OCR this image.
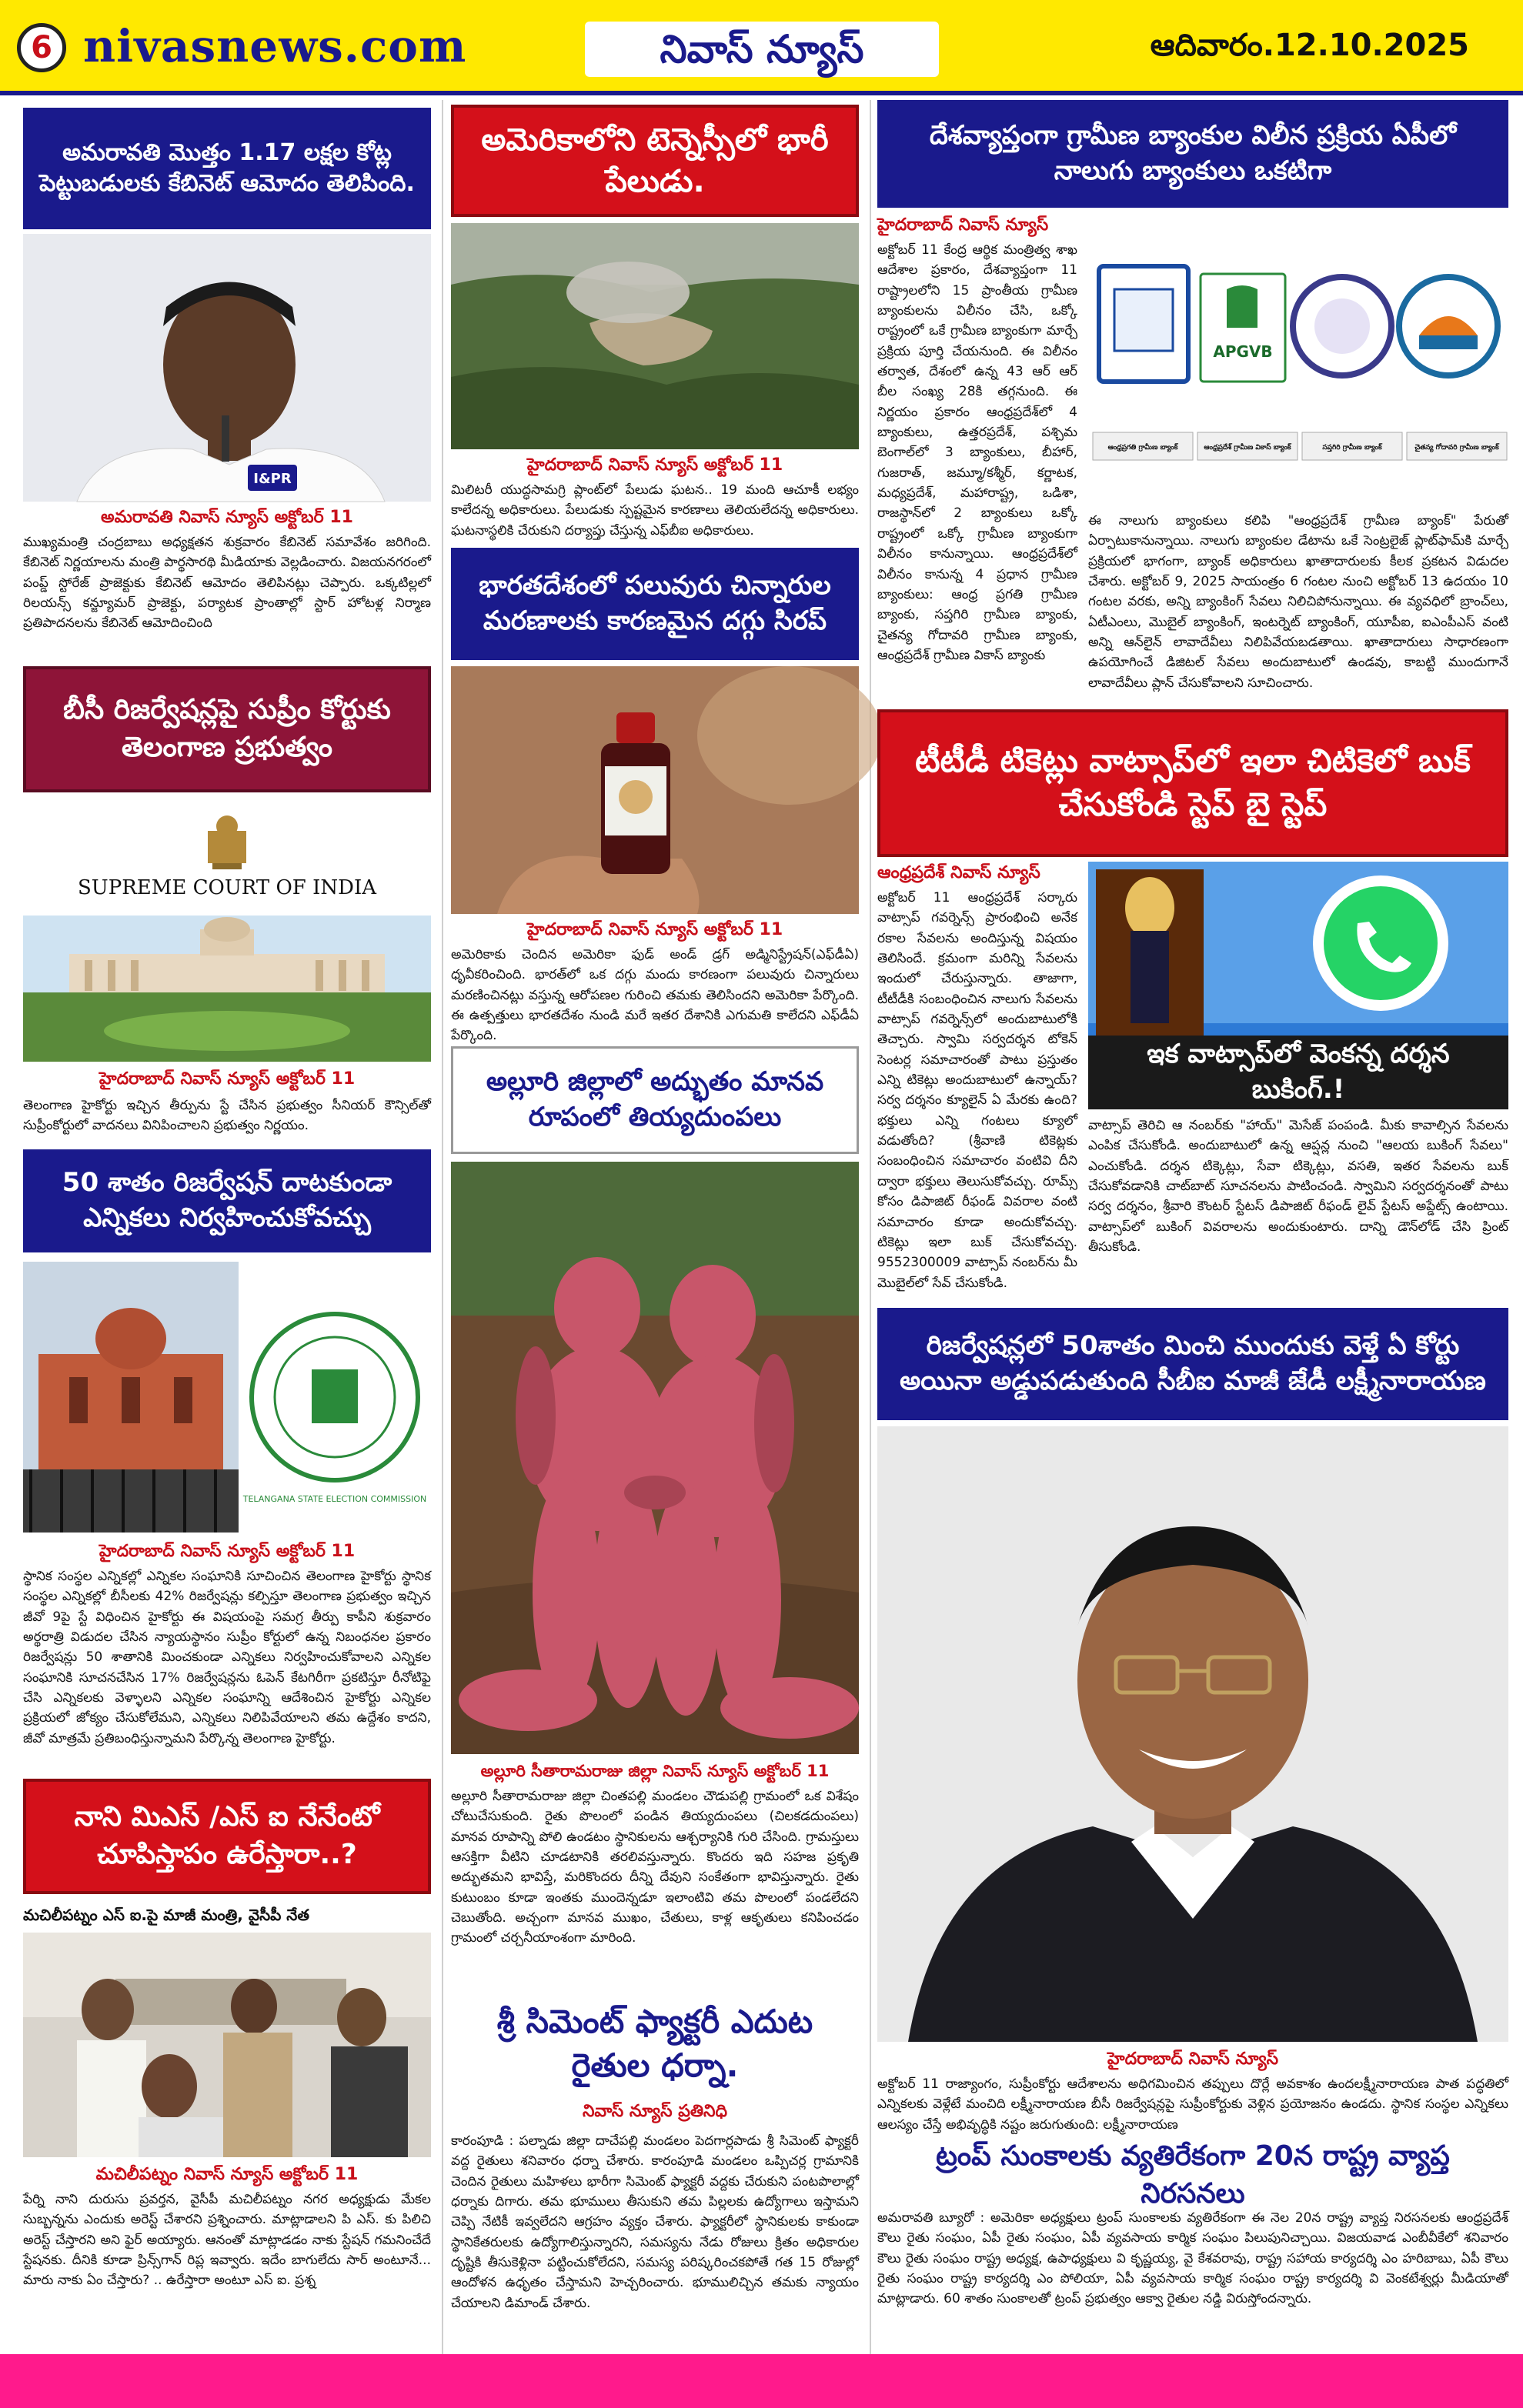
6 nivasnews.com	నివాస్ న్యూస్	ఆదివారం.12.10.2025
అమరావతి మొత్తం 1.17 లక్షల కోట్ల పెట్టుబడులకు కేబినెట్ ఆమోదం తెలిపింది.
I&PR
అమరావతి నివాస్ న్యూస్ అక్టోబర్ 11
ముఖ్యమంత్రి చంద్రబాబు అధ్యక్షతన శుక్రవారం కేబినెట్ సమావేశం జరిగింది. కేబినెట్ నిర్ణయాలను మంత్రి పార్థసారథి మీడియాకు వెల్లడించారు. విజయనగరంలో పంప్డ్ స్టోరేజ్ ప్రాజెక్టుకు కేబినెట్ ఆమోదం తెలిపినట్లు చెప్పారు. ఒక్కటిల్లలో రిలయన్స్ కన్జ్యూమర్ ప్రాజెక్టు, పర్యాటక ప్రాంతాల్లో స్టార్ హోటళ్ల నిర్మాణ ప్రతిపాదనలను కేబినెట్ ఆమోదించింది
బీసీ రిజర్వేషన్లపై సుప్రీం కోర్టుకు తెలంగాణ ప్రభుత్వం
SUPREME COURT OF INDIA
హైదరాబాద్ నివాస్ న్యూస్ అక్టోబర్ 11
తెలంగాణ హైకోర్టు ఇచ్చిన తీర్పును స్టే చేసిన ప్రభుత్వం సీనియర్ కౌన్సిల్‌తో సుప్రీంకోర్టులో వాదనలు వినిపించాలని ప్రభుత్వం నిర్ణయం.
50 శాతం రిజర్వేషన్ దాటకుండా ఎన్నికలు నిర్వహించుకోవచ్చు
TELANGANA STATE ELECTION COMMISSION
హైదరాబాద్ నివాస్ న్యూస్ అక్టోబర్ 11
స్థానిక సంస్థల ఎన్నికల్లో ఎన్నికల సంఘానికి సూచించిన తెలంగాణ హైకోర్టు స్థానిక సంస్థల ఎన్నికల్లో బీసీలకు 42% రిజర్వేషన్లు కల్పిస్తూ తెలంగాణ ప్రభుత్వం ఇచ్చిన జీవో 9పై స్టే విధించిన హైకోర్టు ఈ విషయంపై సమగ్ర తీర్పు కాపీని శుక్రవారం అర్థరాత్రి విడుదల చేసిన న్యాయస్థానం సుప్రీం కోర్టులో ఉన్న నిబంధనల ప్రకారం రిజర్వేషన్లు 50 శాతానికి మించకుండా ఎన్నికలు నిర్వహించుకోవాలని ఎన్నికల సంఘానికి సూచనచేసిన 17% రిజర్వేషన్లను ఓపెన్ కేటగిరీగా ప్రకటిస్తూ రీనోటిఫై చేసి ఎన్నికలకు వెళ్ళాలని ఎన్నికల సంఘాన్ని ఆదేశించిన హైకోర్టు ఎన్నికల ప్రక్రియలో జోక్యం చేసుకోలేమని, ఎన్నికలు నిలిపివేయాలని తమ ఉద్దేశం కాదని, జీవో మాత్రమే ప్రతిబంధిస్తున్నామని పేర్కొన్న తెలంగాణ హైకోర్టు.
నాని మిఎస్ /ఎస్ ఐ నేనేంటో చూపిస్తాపం ఉరేస్తారా..?
మచిలీపట్నం ఎస్ ఐ.పై మాజీ మంత్రి, వైసీపీ నేత
మచిలీపట్నం నివాస్ న్యూస్ అక్టోబర్ 11
పేర్ని నాని దురుసు ప్రవర్తన, వైసీపీ మచిలీపట్నం నగర అధ్యక్షుడు మేకల సుబ్బన్నను ఎందుకు అరెస్ట్ చేశారని ప్రశ్నించారు. మాట్లాడాలని పి ఎస్. కు పిలిచి అరెస్ట్ చేస్తారని అని ఫైర్ అయ్యారు. ఆనంతో మాట్లాడడం నాకు స్టేషన్ గమనించేదే స్టేషనకు. దీనికి కూడా ప్రిన్స్‌గాన్ రిప్ల ఇవ్వారు. ఇదేం బాగులేదు సార్ అంటూనే... మారు నాకు ఏం చేస్తారు? .. ఉరేస్తారా అంటూ ఎస్ ఐ. ప్రశ్న
అమెరికాలోని టెన్నెస్సీలో భారీ పేలుడు.
హైదరాబాద్ నివాస్ న్యూస్ అక్టోబర్ 11
మిలిటరీ యుద్ధసామగ్రి ప్లాంట్‌లో పేలుడు ఘటన.. 19 మంది ఆచూకీ లభ్యం కాలేదన్న అధికారులు. పేలుడుకు స్పష్టమైన కారణాలు తెలియలేదన్న అధికారులు. ఘటనాస్థలికి చేరుకుని దర్యాప్తు చేస్తున్న ఎఫ్‌బీఐ అధికారులు.
భారతదేశంలో పలువురు చిన్నారుల మరణాలకు కారణమైన దగ్గు సిరప్
హైదరాబాద్ నివాస్ న్యూస్ అక్టోబర్ 11
అమెరికాకు చెందిన అమెరికా ఫుడ్ అండ్ డ్రగ్ అడ్మినిస్ట్రేషన్(ఎఫ్‌డీఏ) ధృవీకరించింది. భారత్‌లో ఒక దగ్గు మందు కారణంగా పలువురు చిన్నారులు మరణించినట్లు వస్తున్న ఆరోపణల గురించి తమకు తెలిసిందని అమెరికా పేర్కొంది. ఈ ఉత్పత్తులు భారతదేశం నుండి మరే ఇతర దేశానికి ఎగుమతి కాలేదని ఎఫ్‌డీఏ పేర్కొంది.
అల్లూరి జిల్లాలో అద్భుతం మానవ రూపంలో తియ్యదుంపలు
అల్లూరి సీతారామరాజు జిల్లా నివాస్ న్యూస్ అక్టోబర్ 11
అల్లూరి సీతారామరాజు జిల్లా చింతపల్లి మండలం చౌడుపల్లి గ్రామంలో ఒక విశేషం చోటుచేసుకుంది. రైతు పొలంలో పండిన తియ్యదుంపలు (చిలకడదుంపలు) మానవ రూపాన్ని పోలి ఉండటం స్థానికులను ఆశ్చర్యానికి గురి చేసింది. గ్రామస్తులు ఆసక్తిగా వీటిని చూడటానికి తరలివస్తున్నారు. కొందరు ఇది సహజ ప్రకృతి అద్భుతమని భావిస్తే, మరికొందరు దీన్ని దేవుని సంకేతంగా భావిస్తున్నారు. రైతు కుటుంబం కూడా ఇంతకు ముందెన్నడూ ఇలాంటివి తమ పొలంలో పండలేదని చెబుతోంది. అచ్చంగా మానవ ముఖం, చేతులు, కాళ్ల ఆకృతులు కనిపించడం గ్రామంలో చర్చనీయాంశంగా మారింది.
శ్రీ సిమెంట్ ఫ్యాక్టరీ ఎదుట రైతుల ధర్నా.
నివాస్ న్యూస్ ప్రతినిధి
కారంపూడి : పల్నాడు జిల్లా దాచేపల్లి మండలం పెదగార్లపాడు శ్రీ సిమెంట్ ఫ్యాక్టరీ వద్ద రైతులు శనివారం ధర్నా చేశారు. కారంపూడి మండలం ఒప్పిచర్ల గ్రామానికి చెందిన రైతులు మహిళలు భారీగా సిమెంట్ ఫ్యాక్టరీ వద్దకు చేరుకుని పంటపొలాల్లో ధర్నాకు దిగారు. తమ భూములు తీసుకుని తమ పిల్లలకు ఉద్యోగాలు ఇస్తామని చెప్పి నేటికీ ఇవ్వలేదని ఆగ్రహం వ్యక్తం చేశారు. ఫ్యాక్టరీలో స్థానికులకు కాకుండా స్థానికేతరులకు ఉద్యోగాలిస్తున్నారని, సమస్యను నేడు రోజులు క్రితం అధికారుల దృష్టికి తీసుకెళ్లినా పట్టించుకోలేదని, సమస్య పరిష్కరించకపోతే గత 15 రోజుల్లో ఆందోళన ఉధృతం చేస్తామని హెచ్చరించారు. భూములిచ్చిన తమకు న్యాయం చేయాలని డిమాండ్ చేశారు.
దేశవ్యాప్తంగా గ్రామీణ బ్యాంకుల విలీన ప్రక్రియ ఏపీలో నాలుగు బ్యాంకులు ఒకటిగా
హైదరాబాద్ నివాస్ న్యూస్
అక్టోబర్ 11 కేంద్ర ఆర్థిక మంత్రిత్వ శాఖ ఆదేశాల ప్రకారం, దేశవ్యాప్తంగా 11 రాష్ట్రాలలోని 15 ప్రాంతీయ గ్రామీణ బ్యాంకులను విలీనం చేసి, ఒక్కో రాష్ట్రంలో ఒకే గ్రామీణ బ్యాంకుగా మార్చే ప్రక్రియ పూర్తి చేయనుంది. ఈ విలీనం తర్వాత, దేశంలో ఉన్న 43 ఆర్ ఆర్ బీల సంఖ్య 28కి తగ్గనుంది. ఈ నిర్ణయం ప్రకారం ఆంధ్రప్రదేశ్‌లో 4 బ్యాంకులు, ఉత్తరప్రదేశ్, పశ్చిమ బెంగాల్‌లో 3 బ్యాంకులు, బీహార్, గుజరాత్, జమ్మూ/కశ్మీర్, కర్ణాటక, మధ్యప్రదేశ్, మహారాష్ట్ర, ఒడిశా, రాజస్థాన్‌లో 2 బ్యాంకులు ఒక్కో రాష్ట్రంలో ఒక్కో గ్రామీణ బ్యాంకుగా విలీనం కానున్నాయి. ఆంధ్రప్రదేశ్‌లో విలీనం కానున్న 4 ప్రధాన గ్రామీణ బ్యాంకులు: ఆంధ్ర ప్రగతి గ్రామీణ బ్యాంకు, సప్తగిరి గ్రామీణ బ్యాంకు, చైతన్య గోదావరి గ్రామీణ బ్యాంకు, ఆంధ్రప్రదేశ్ గ్రామీణ వికాస్ బ్యాంకు
APGVB
ఆంధ్రప్రగతి గ్రామీణ బ్యాంక్	ఆంధ్రప్రదేశ్ గ్రామీణ వికాస్ బ్యాంక్	సప్తగిరి గ్రామీణ బ్యాంక్	చైతన్య గోదావరి గ్రామీణ బ్యాంక్
ఈ నాలుగు బ్యాంకులు కలిపి "ఆంధ్రప్రదేశ్ గ్రామీణ బ్యాంక్" పేరుతో ఏర్పాటుకానున్నాయి. నాలుగు బ్యాంకుల డేటాను ఒకే సెంట్రలైజ్ ప్లాట్‌ఫామ్‌కి మార్చే ప్రక్రియలో భాగంగా, బ్యాంక్ అధికారులు ఖాతాదారులకు కీలక ప్రకటన విడుదల చేశారు. అక్టోబర్ 9, 2025 సాయంత్రం 6 గంటల నుంచి అక్టోబర్ 13 ఉదయం 10 గంటల వరకు, అన్ని బ్యాంకింగ్ సేవలు నిలిచిపోనున్నాయి. ఈ వ్యవధిలో బ్రాంచ్‌లు, ఏటీఎంలు, మొబైల్ బ్యాంకింగ్, ఇంటర్నెట్ బ్యాంకింగ్, యూపీఐ, ఐఎంపీఎస్ వంటి అన్ని ఆన్‌లైన్ లావాదేవీలు నిలిపివేయబడతాయి. ఖాతాదారులు సాధారణంగా ఉపయోగించే డిజిటల్ సేవలు అందుబాటులో ఉండవు, కాబట్టి ముందుగానే లావాదేవీలు ప్లాన్ చేసుకోవాలని సూచించారు.
టీటీడీ టికెట్లు వాట్సాప్‌లో ఇలా చిటికెలో బుక్ చేసుకోండి స్టెప్ బై స్టెప్
ఆంధ్రప్రదేశ్ నివాస్ న్యూస్
అక్టోబర్ 11 ఆంధ్రప్రదేశ్ సర్కారు వాట్సాప్ గవర్నెన్స్ ప్రారంభించి అనేక రకాల సేవలను అందిస్తున్న విషయం తెలిసిందే. క్రమంగా మరిన్ని సేవలను ఇందులో చేరుస్తున్నారు. తాజాగా, టీటీడీకి సంబంధించిన నాలుగు సేవలను వాట్సాప్ గవర్నెన్స్‌లో అందుబాటులోకి తెచ్చారు. స్వామి సర్వదర్శన టోకెన్ సెంటర్ల సమాచారంతో పాటు ప్రస్తుతం ఎన్ని టికెట్లు అందుబాటులో ఉన్నాయ్? సర్వ దర్శనం క్యూలైన్ ఏ మేరకు ఉంది? భక్తులు ఎన్ని గంటలు క్యూలో వడుతోంది? (శ్రీవాణి టికెట్లకు సంబంధించిన సమాచారం వంటివి దీని ద్వారా భక్తులు తెలుసుకోవచ్చు. రూమ్స్ కోసం డిపాజిట్ రీఫండ్ వివరాల వంటి సమాచారం కూడా అందుకోవచ్చు. టికెట్లు ఇలా బుక్ చేసుకోవచ్చు. 9552300009 వాట్సాప్ నంబర్‌ను మీ మొబైల్‌లో సేవ్ చేసుకోండి.
ఇక వాట్సాప్‌లో వెంకన్న దర్శన బుకింగ్.!
వాట్సాప్ తెరిచి ఆ నంబర్‌కు "హాయ్" మెసేజ్ పంపండి. మీకు కావాల్సిన సేవలను ఎంపిక చేసుకోండి. అందుబాటులో ఉన్న ఆప్షన్ల నుంచి "ఆలయ బుకింగ్ సేవలు" ఎంచుకోండి. దర్శన టిక్కెట్లు, సేవా టిక్కెట్లు, వసతి, ఇతర సేవలను బుక్ చేసుకోవడానికి చాట్‌బాట్ సూచనలను పాటించండి. స్వామిని సర్వదర్శనంతో పాటు సర్వ దర్శనం, శ్రీవారి కౌంటర్ స్టేటస్ డిపాజిట్ రీఫండ్ లైవ్ స్టేటస్ అప్డేట్స్ ఉంటాయి. వాట్సాప్‌లో బుకింగ్ వివరాలను అందుకుంటారు. దాన్ని డౌన్‌లోడ్ చేసి ప్రింట్ తీసుకోండి.
రిజర్వేషన్లలో 50శాతం మించి ముందుకు వెళ్తే ఏ కోర్టు అయినా అడ్డుపడుతుంది సీబీఐ మాజీ జేడీ లక్ష్మీనారాయణ
హైదరాబాద్ నివాస్ న్యూస్
అక్టోబర్ 11 రాజ్యాంగం, సుప్రీంకోర్టు ఆదేశాలను అధిగమించిన తప్పులు దొర్లే అవకాశం ఉందలక్ష్మీనారాయణ పాత పద్ధతిలో ఎన్నికలకు వెళ్లేటే మంచిది లక్ష్మీనారాయణ బీసీ రిజర్వేషన్లపై సుప్రీంకోర్టుకు వెళ్లిన ప్రయోజనం ఉండదు. స్థానిక సంస్థల ఎన్నికలు ఆలస్యం చేస్తే అభివృద్ధికి నష్టం జరుగుతుంది: లక్ష్మీనారాయణ
ట్రంప్ సుంకాలకు వ్యతిరేకంగా 20న రాష్ట్ర వ్యాప్త నిరసనలు
అమరావతి బ్యూరో : అమెరికా అధ్యక్షులు ట్రంప్ సుంకాలకు వ్యతిరేకంగా ఈ నెల 20న రాష్ట్ర వ్యాప్త నిరసనలకు ఆంధ్రప్రదేశ్ కౌలు రైతు సంఘం, ఏపీ రైతు సంఘం, ఏపీ వ్యవసాయ కార్మిక సంఘం పిలుపునిచ్చాయి. విజయవాడ ఎంబీవీకేలో శనివారం కౌలు రైతు సంఘం రాష్ట్ర అధ్యక్ష, ఉపాధ్యక్షులు వి కృష్ణయ్య, వై కేశవరావు, రాష్ట్ర సహాయ కార్యదర్శి ఎం హరిబాబు, ఏపీ కౌలు రైతు సంఘం రాష్ట్ర కార్యదర్శి ఎం పోలియా, ఏపీ వ్యవసాయ కార్మిక సంఘం రాష్ట్ర కార్యదర్శి వి వెంకటేశ్వర్లు మీడియాతో మాట్లాడారు. 60 శాతం సుంకాలతో ట్రంప్ ప్రభుత్వం ఆక్వా రైతుల నడ్డి విరుస్తోందన్నారు.
